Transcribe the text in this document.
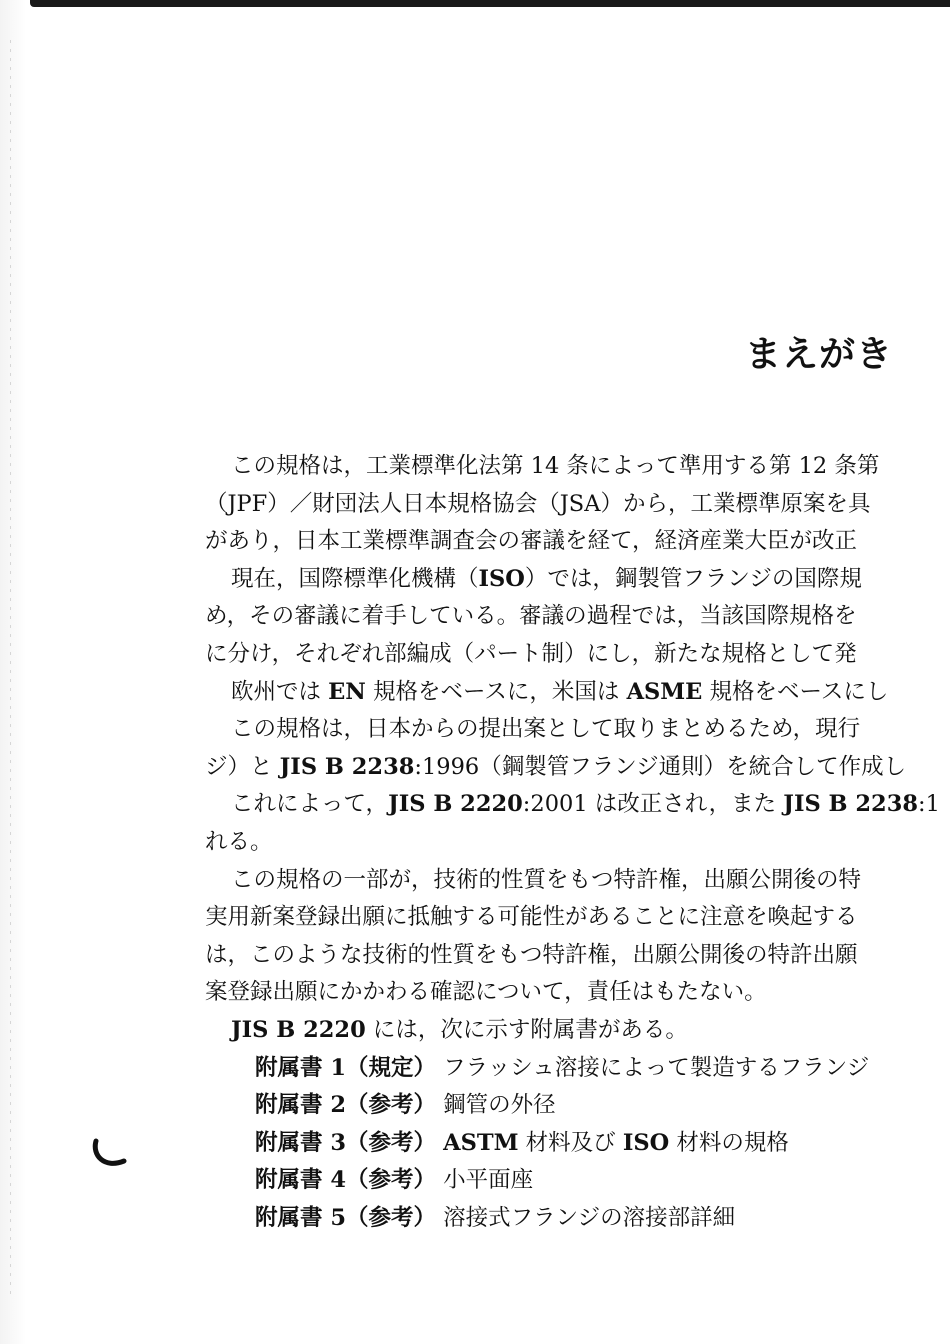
まえがき
この規格は，工業標準化法第 14 条によって準用する第 12 条第
（JPF）／財団法人日本規格協会（JSA）から，工業標準原案を具
があり，日本工業標準調査会の審議を経て，経済産業大臣が改正
現在，国際標準化機構（ISO）では，鋼製管フランジの国際規
め，その審議に着手している。審議の過程では，当該国際規格を
に分け，それぞれ部編成（パート制）にし，新たな規格として発
欧州では EN 規格をベースに，米国は ASME 規格をベースにし
この規格は，日本からの提出案として取りまとめるため，現行
ジ）と JIS B 2238:1996（鋼製管フランジ通則）を統合して作成し
これによって，JIS B 2220:2001 は改正され，また JIS B 2238:1
れる。
この規格の一部が，技術的性質をもつ特許権，出願公開後の特
実用新案登録出願に抵触する可能性があることに注意を喚起する
は，このような技術的性質をもつ特許権，出願公開後の特許出願
案登録出願にかかわる確認について，責任はもたない。
JIS B 2220 には，次に示す附属書がある。
附属書 1（規定） フラッシュ溶接によって製造するフランジ
附属書 2（参考） 鋼管の外径
附属書 3（参考） ASTM 材料及び ISO 材料の規格
附属書 4（参考） 小平面座
附属書 5（参考） 溶接式フランジの溶接部詳細
